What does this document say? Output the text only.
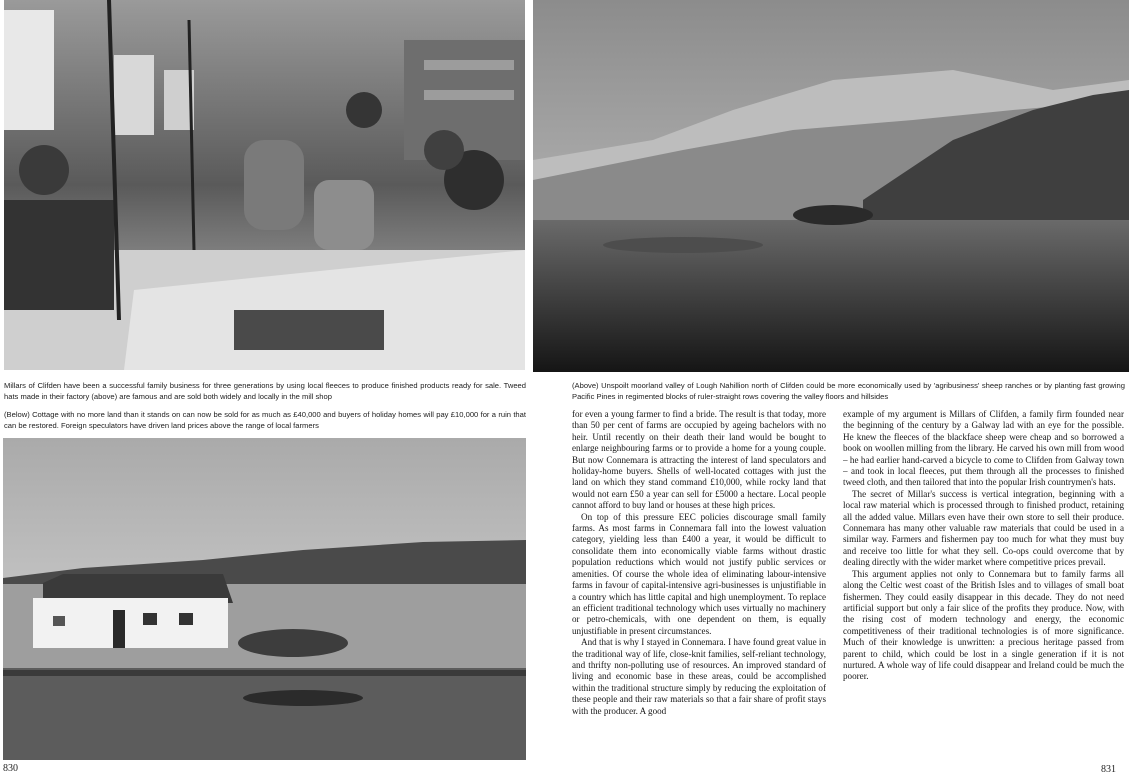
Millars of Clifden have been a successful family business for three generations by using local fleeces to produce finished products ready for sale. Tweed hats made in their factory (above) are famous and are sold both widely and locally in the mill shop
(Above) Unspoilt moorland valley of Lough Nahillion north of Clifden could be more economically used by 'agribusiness' sheep ranches or by planting fast growing Pacific Pines in regimented blocks of ruler-straight rows covering the valley floors and hillsides
(Below) Cottage with no more land than it stands on can now be sold for as much as £40,000 and buyers of holiday homes will pay £10,000 for a ruin that can be restored. Foreign speculators have driven land prices above the range of local farmers

for even a young farmer to find a bride. The result is that today, more than 50 per cent of farms are occupied by ageing bachelors with no heir. Until recently on their death their land would be bought to enlarge neighbouring farms or to provide a home for a young couple. But now Connemara is attracting the interest of land speculators and holiday-home buyers. Shells of well-located cottages with just the land on which they stand command £10,000, while rocky land that would not earn £50 a year can sell for £5000 a hectare. Local people cannot afford to buy land or houses at these high prices.

On top of this pressure EEC policies discourage small family farms. As most farms in Connemara fall into the lowest valuation category, yielding less than £400 a year, it would be difficult to consolidate them into economically viable farms without drastic population reductions which would not justify public services or amenities. Of course the whole idea of eliminating labour-intensive farms in favour of capital-intensive agri-businesses is unjustifiable in a country which has little capital and high unemployment. To replace an efficient traditional technology which uses virtually no machinery or petro-chemicals, with one dependent on them, is equally unjustifiable in present circumstances.

And that is why I stayed in Connemara. I have found great value in the traditional way of life, close-knit families, self-reliant technology, and thrifty non-polluting use of resources. An improved standard of living and economic base in these areas, could be accomplished within the traditional structure simply by reducing the exploitation of these people and their raw materials so that a fair share of profit stays with the producer. A good

example of my argument is Millars of Clifden, a family firm founded near the beginning of the century by a Galway lad with an eye for the possible. He knew the fleeces of the blackface sheep were cheap and so borrowed a book on woollen milling from the library. He carved his own mill from wood – he had earlier hand-carved a bicycle to come to Clifden from Galway town – and took in local fleeces, put them through all the processes to finished tweed cloth, and then tailored that into the popular Irish countrymen's hats.

The secret of Millar's success is vertical integration, beginning with a local raw material which is processed through to finished product, retaining all the added value. Millars even have their own store to sell their produce. Connemara has many other valuable raw materials that could be used in a similar way. Farmers and fishermen pay too much for what they must buy and receive too little for what they sell. Co-ops could overcome that by dealing directly with the wider market where competitive prices prevail.

This argument applies not only to Connemara but to family farms all along the Celtic west coast of the British Isles and to villages of small boat fishermen. They could easily disappear in this decade. They do not need artificial support but only a fair slice of the profits they produce. Now, with the rising cost of modern technology and energy, the economic competitiveness of their traditional technologies is of more significance. Much of their knowledge is unwritten: a precious heritage passed from parent to child, which could be lost in a single generation if it is not nurtured. A whole way of life could disappear and Ireland could be much the poorer.

830	831
